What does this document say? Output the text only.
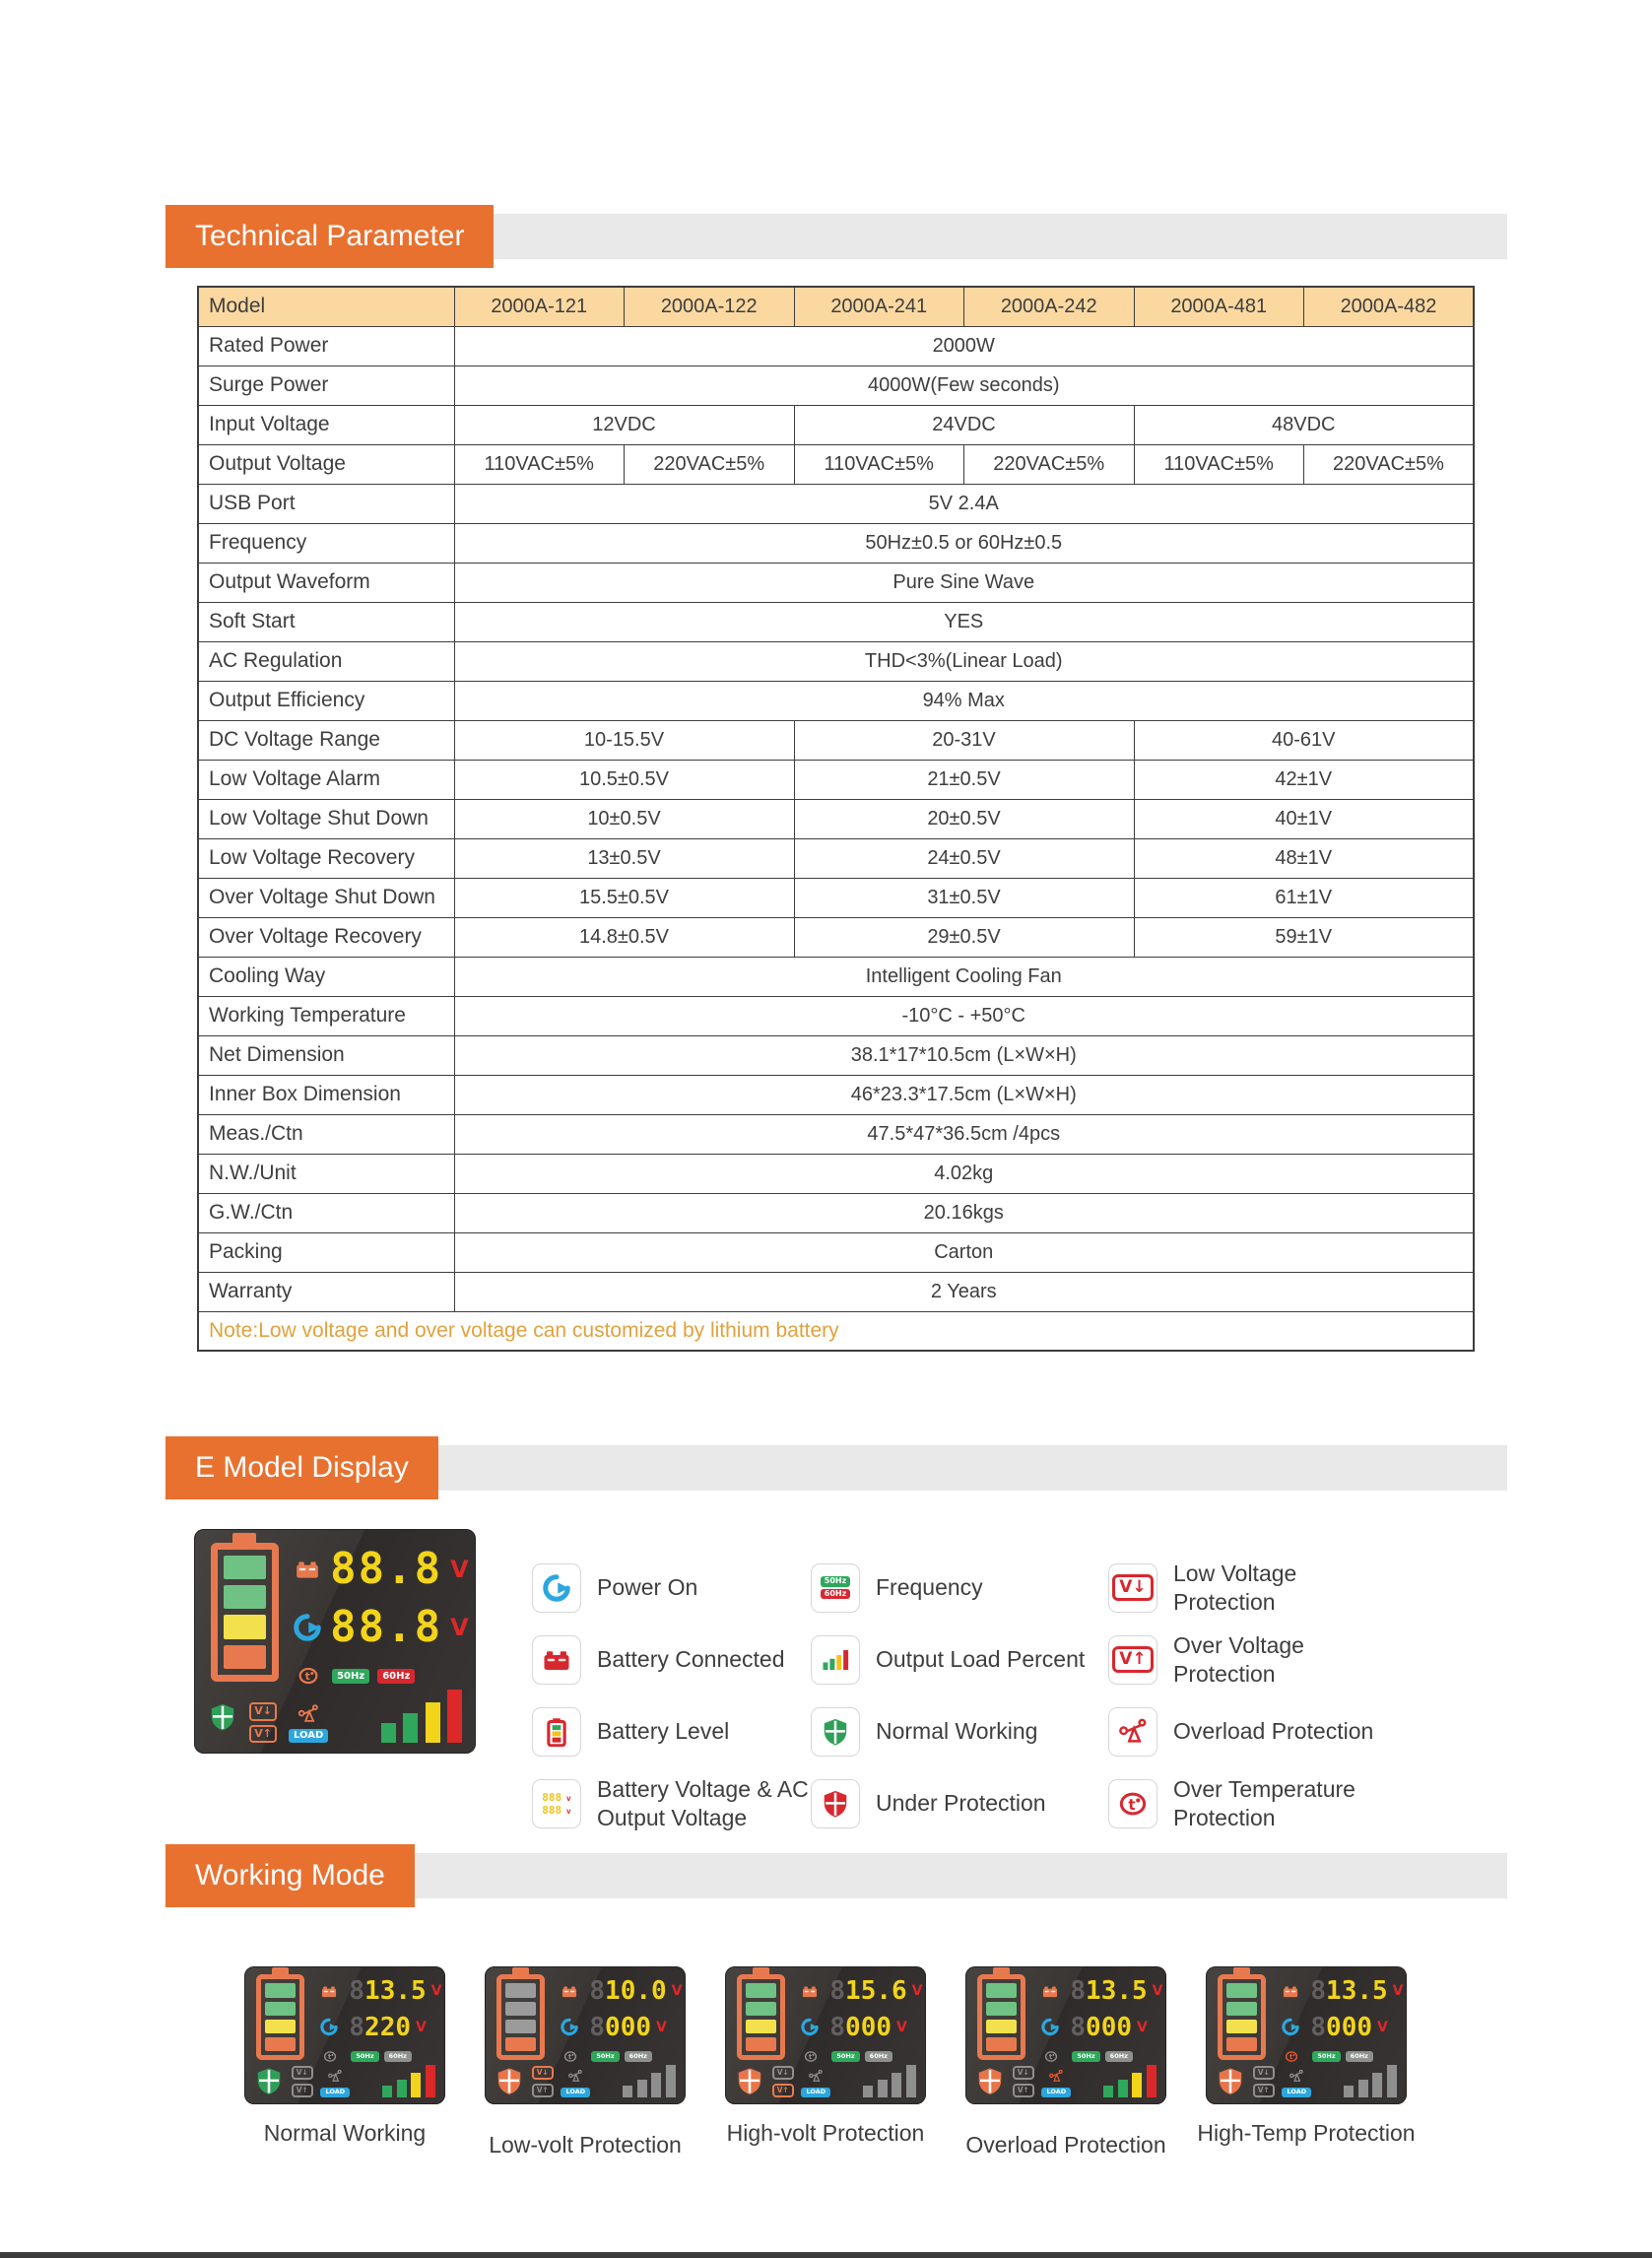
Technical Parameter
Model	2000A-121	2000A-122	2000A-241	2000A-242	2000A-481	2000A-482
Rated Power	2000W					
Surge Power	4000W(Few seconds)					
Input Voltage	12VDC		24VDC		48VDC	
Output Voltage	110VAC±5%	220VAC±5%	110VAC±5%	220VAC±5%	110VAC±5%	220VAC±5%
USB Port	5V 2.4A					
Frequency	50Hz±0.5 or 60Hz±0.5					
Output Waveform	Pure Sine Wave					
Soft Start	YES					
AC Regulation	THD<3%(Linear Load)					
Output Efficiency	94% Max					
DC Voltage Range	10-15.5V		20-31V		40-61V	
Low Voltage Alarm	10.5±0.5V		21±0.5V		42±1V	
Low Voltage Shut Down	10±0.5V		20±0.5V		40±1V	
Low Voltage Recovery	13±0.5V		24±0.5V		48±1V	
Over Voltage Shut Down	15.5±0.5V		31±0.5V		61±1V	
Over Voltage Recovery	14.8±0.5V		29±0.5V		59±1V	
Cooling Way	Intelligent Cooling Fan					
Working Temperature	-10°C - +50°C					
Net Dimension	38.1*17*10.5cm (L×W×H)					
Inner Box Dimension	46*23.3*17.5cm (L×W×H)					
Meas./Ctn	47.5*47*36.5cm /4pcs					
N.W./Unit	4.02kg					
G.W./Ctn	20.16kgs					
Packing	Carton					
Warranty	2 Years					
Note:Low voltage and over voltage can customized by lithium battery						
E Model Display
88.8 V
88.8 V
t	50Hz	60Hz
V↓
V↑	LOAD
Power On	50Hz
60Hz Frequency	V↓
Low Voltage Protection
Battery Connected	Output Load Percent	V↑
Over Voltage Protection
Battery Level	Normal Working	Overload Protection
888 v
888 v
Battery Voltage & AC Output Voltage
Under Protection	t
Over Temperature Protection
Working Mode
813.5 V
8220 V
t	50Hz	60Hz
V↓
V↑	LOAD
Normal Working
810.0 V
8000 V
t	50Hz	60Hz
V↓
V↑	LOAD
Low-volt Protection
815.6 V
8000 V
t	50Hz	60Hz
V↓
V↑	LOAD
High-volt Protection
813.5 V
8000 V
t	50Hz	60Hz
V↓
V↑	LOAD
Overload Protection
813.5 V
8000 V
t	50Hz	60Hz
V↓
V↑	LOAD
High-Temp Protection
